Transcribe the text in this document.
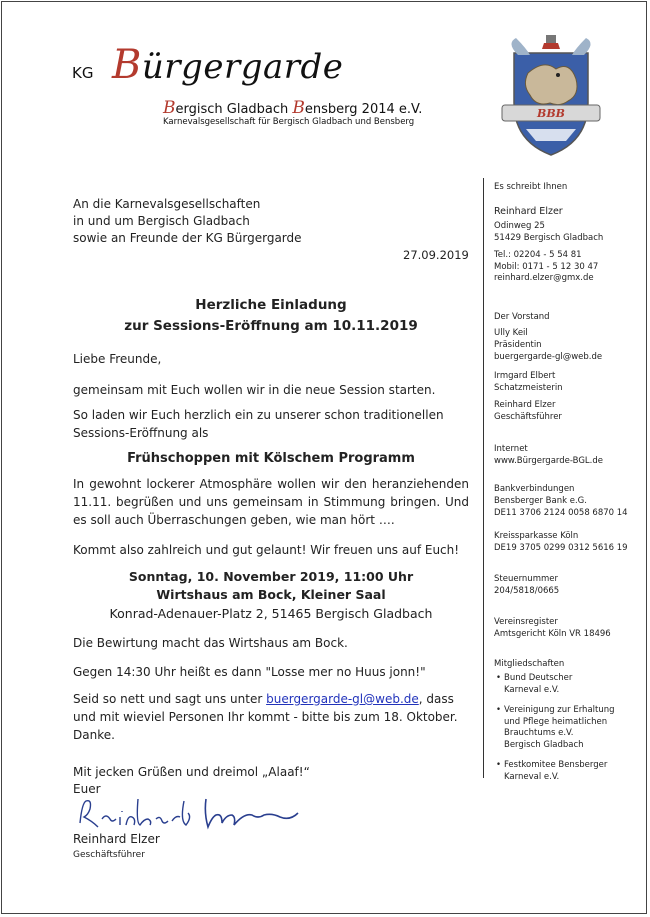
KG Bürgergarde
Bergisch Gladbach Bensberg 2014 e.V.
Karnevalsgesellschaft für Bergisch Gladbach und Bensberg
BBB
An die Karnevalsgesellschaften
in und um Bergisch Gladbach
sowie an Freunde der KG Bürgergarde
27.09.2019
Herzliche Einladung
zur Sessions-Eröffnung am 10.11.2019
Liebe Freunde,
gemeinsam mit Euch wollen wir in die neue Session starten.
So laden wir Euch herzlich ein zu unserer schon traditionellen Sessions-Eröffnung als
Frühschoppen mit Kölschem Programm
In gewohnt lockerer Atmosphäre wollen wir den heranziehenden 11.11. begrüßen und uns gemeinsam in Stimmung bringen. Und es soll auch Überraschungen geben, wie man hört ….
Kommt also zahlreich und gut gelaunt! Wir freuen uns auf Euch!
Sonntag, 10. November 2019, 11:00 Uhr
Wirtshaus am Bock, Kleiner Saal
Konrad-Adenauer-Platz 2, 51465 Bergisch Gladbach
Die Bewirtung macht das Wirtshaus am Bock.
Gegen 14:30 Uhr heißt es dann "Losse mer no Huus jonn!"
Seid so nett und sagt uns unter buergergarde-gl@web.de, dass und mit wieviel Personen Ihr kommt - bitte bis zum 18. Oktober. Danke.
Mit jecken Grüßen und dreimol „Alaaf!“
Euer
Reinhard Elzer
Geschäftsführer
Es schreibt Ihnen
Reinhard Elzer
Odinweg 25
51429 Bergisch Gladbach
Tel.: 02204 - 5 54 81
Mobil: 0171 - 5 12 30 47
reinhard.elzer@gmx.de
Der Vorstand
Ully Keil
Präsidentin
buergergarde-gl@web.de
Irmgard Elbert
Schatzmeisterin
Reinhard Elzer
Geschäftsführer
Internet
www.Bürgergarde-BGL.de
Bankverbindungen
Bensberger Bank e.G.
DE11 3706 2124 0058 6870 14
Kreissparkasse Köln
DE19 3705 0299 0312 5616 19
Steuernummer
204/5818/0665
Vereinsregister
Amtsgericht Köln VR 18496
Mitgliedschaften
• Bund Deutscher
Karneval e.V.
• Vereinigung zur Erhaltung
und Pflege heimatlichen
Brauchtums e.V.
Bergisch Gladbach
• Festkomitee Bensberger
Karneval e.V.
